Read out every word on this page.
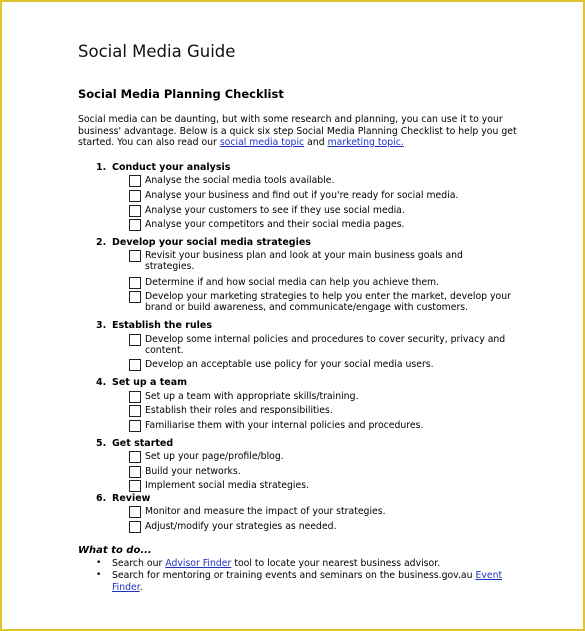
Social Media Guide
Social Media Planning Checklist
Social media can be daunting, but with some research and planning, you can use it to your business' advantage. Below is a quick six step Social Media Planning Checklist to help you get started. You can also read our social media topic and marketing topic.
1. Conduct your analysis
Analyse the social media tools available.
Analyse your business and find out if you're ready for social media.
Analyse your customers to see if they use social media.
Analyse your competitors and their social media pages.
2. Develop your social media strategies
Revisit your business plan and look at your main business goals and strategies.
Determine if and how social media can help you achieve them.
Develop your marketing strategies to help you enter the market, develop your brand or build awareness, and communicate/engage with customers.
3. Establish the rules
Develop some internal policies and procedures to cover security, privacy and content.
Develop an acceptable use policy for your social media users.
4. Set up a team
Set up a team with appropriate skills/training.
Establish their roles and responsibilities.
Familiarise them with your internal policies and procedures.
5. Get started
Set up your page/profile/blog.
Build your networks.
Implement social media strategies.
6. Review
Monitor and measure the impact of your strategies.
Adjust/modify your strategies as needed.
What to do...
•	Search our Advisor Finder tool to locate your nearest business advisor.
•	Search for mentoring or training events and seminars on the business.gov.au Event Finder.
